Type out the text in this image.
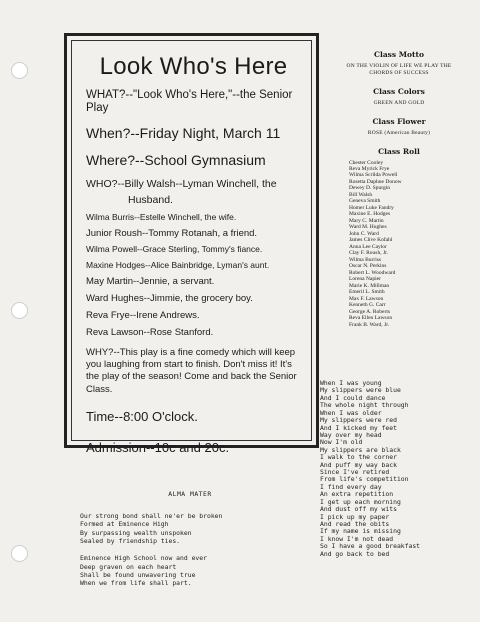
Look Who's Here

WHAT?--"Look Who's Here,"--the Senior Play

When?--Friday Night, March 11

Where?--School Gymnasium

WHO?--Billy Walsh--Lyman Winchell, the

Husband.

Wilma Burris--Estelle Winchell, the wife.

Junior Roush--Tommy Rotanah, a friend.

Wilma Powell--Grace Sterling, Tommy's fiance.

Maxine Hodges--Alice Bainbridge, Lyman's aunt.

May Martin--Jennie, a servant.

Ward Hughes--Jimmie, the grocery boy.

Reva Frye--Irene Andrews.

Reva Lawson--Rose Stanford.

WHY?--This play is a fine comedy which will keep you laughing from start to finish. Don't miss it! It's the play of the season! Come and back the Senior Class.

Time--8:00 O'clock.

Admission--10c and 20c.

Class Motto

ON THE VIOLIN OF LIFE WE PLAY THE CHORDS OF SUCCESS

Class Colors

GREEN AND GOLD

Class Flower

ROSE (American Beauty)

Class Roll

Chester Cooley
Reva Myrick Frye
Wilma Scrilda Powell
Rosetta Daphne Donow
Dewey D. Spurgin
Bill Walsh
Geneva Smith
Homer Luke Fandry
Maxine E. Hodges
Mary C. Martin
Ward M. Hughes
John C. Ward
James Clive Kofahl
Anna Lee Caylor
Clay F. Roush, Jr.
Wilma Burriss
Oscar N. Perkins
Robert L. Woodward
Lorena Napier
Marie K. Millman
Emeril L. Smith
Max F. Lawson
Kenneth G. Carr
George A. Roberts
Reva Ellen Lawson
Frank B. Ward, Jr.
When I was young
My slippers were blue
And I could dance
The whole night through
When I was older
My slippers were red
And I kicked my feet
Way over my head
Now I'm old
My slippers are black
I walk to the corner
And puff my way back
Since I've retired
From life's competition
I find every day
An extra repetition
I get up each morning
And dust off my wits
I pick up my paper
And read the obits
If my name is missing
I know I'm not dead
So I have a good breakfast
And go back to bed

ALMA MATER

Our strong bond shall ne'er be broken
Formed at Eminence High
By surpassing wealth unspoken
Sealed by friendship ties.
Eminence High School now and ever
Deep graven on each heart
Shall be found unwavering true
When we from life shall part.
